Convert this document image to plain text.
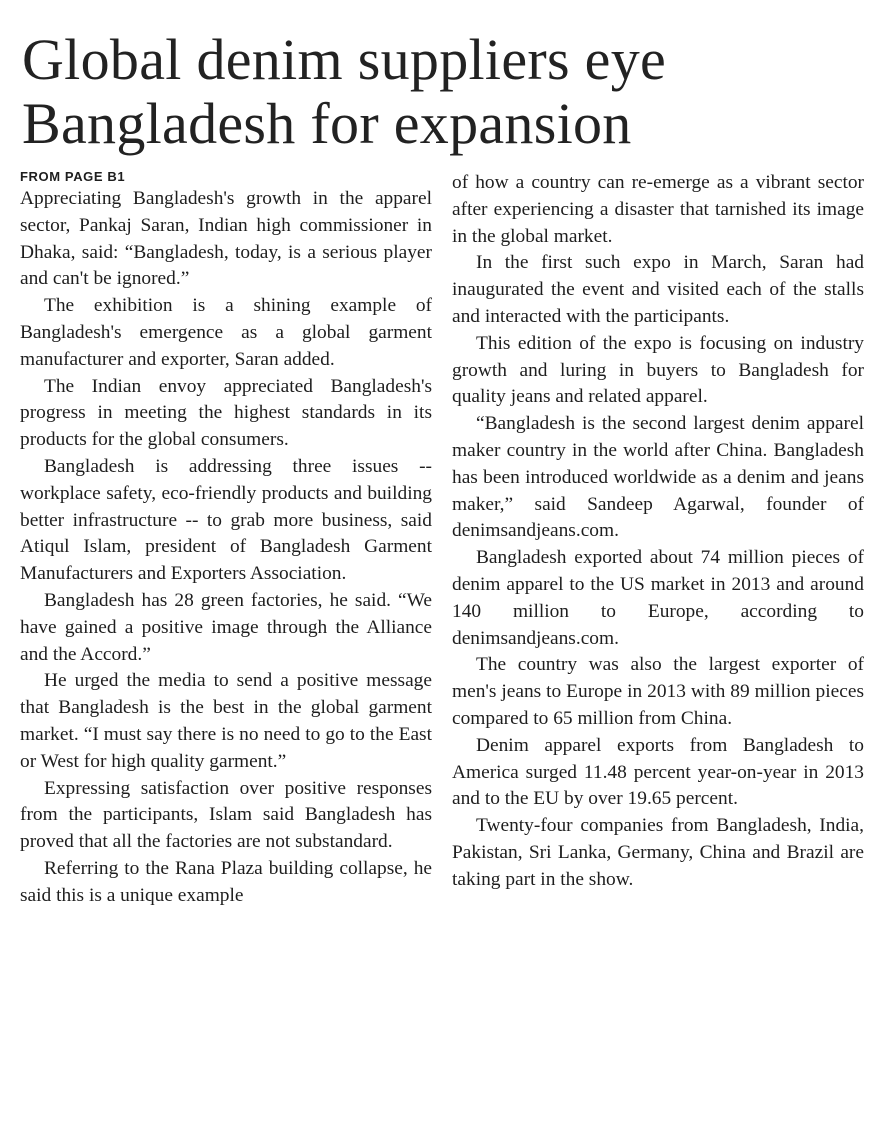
Global denim suppliers eye
Bangladesh for expansion
FROM PAGE B1

Appreciating Bangladesh's growth in the apparel sector, Pankaj Saran, Indian high commissioner in Dhaka, said: “Bangladesh, today, is a serious player and can't be ignored.”

The exhibition is a shining example of Bangladesh's emergence as a global garment manufacturer and exporter, Saran added.

The Indian envoy appreciated Bangladesh's progress in meeting the highest standards in its products for the global consumers.

Bangladesh is addressing three issues -- workplace safety, eco-friendly products and building better infrastructure -- to grab more business, said Atiqul Islam, president of Bangladesh Garment Manufacturers and Exporters Association.

Bangladesh has 28 green factories, he said. “We have gained a positive image through the Alliance and the Accord.”

He urged the media to send a positive message that Bangladesh is the best in the global garment market. “I must say there is no need to go to the East or West for high quality garment.”

Expressing satisfaction over positive responses from the participants, Islam said Bangladesh has proved that all the factories are not substandard.

Referring to the Rana Plaza building collapse, he said this is a unique example

of how a country can re-emerge as a vibrant sector after experiencing a disaster that tarnished its image in the global market.

In the first such expo in March, Saran had inaugurated the event and visited each of the stalls and interacted with the participants.

This edition of the expo is focusing on industry growth and luring in buyers to Bangladesh for quality jeans and related apparel.

“Bangladesh is the second largest denim apparel maker country in the world after China. Bangladesh has been introduced worldwide as a denim and jeans maker,” said Sandeep Agarwal, founder of denimsandjeans.com.

Bangladesh exported about 74 million pieces of denim apparel to the US market in 2013 and around 140 million to Europe, according to denimsandjeans.com.

The country was also the largest exporter of men's jeans to Europe in 2013 with 89 million pieces compared to 65 million from China.

Denim apparel exports from Bangladesh to America surged 11.48 percent year-on-year in 2013 and to the EU by over 19.65 percent.

Twenty-four companies from Bangladesh, India, Pakistan, Sri Lanka, Germany, China and Brazil are taking part in the show.
